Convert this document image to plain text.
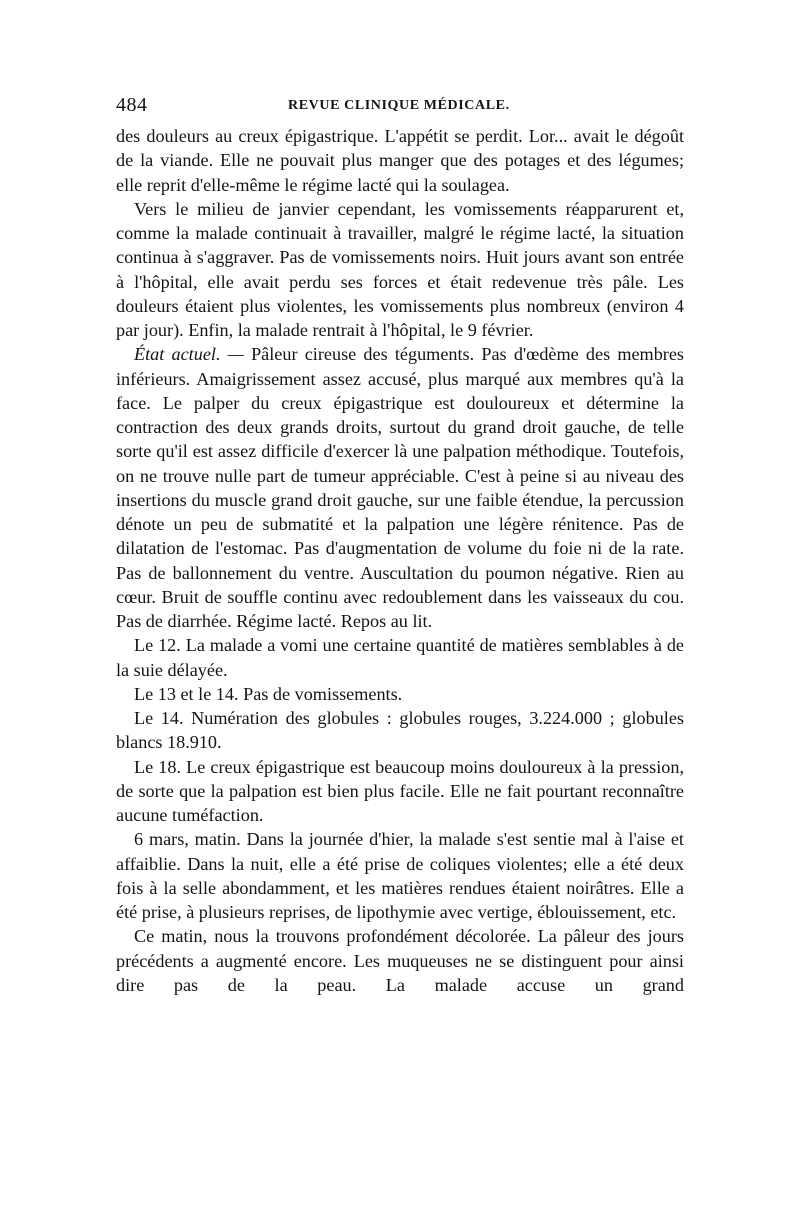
484	REVUE CLINIQUE MÉDICALE.

des douleurs au creux épigastrique. L'appétit se perdit. Lor... avait le dégoût de la viande. Elle ne pouvait plus manger que des potages et des légumes; elle reprit d'elle-même le régime lacté qui la soulagea.

Vers le milieu de janvier cependant, les vomissements réapparurent et, comme la malade continuait à travailler, malgré le régime lacté, la situation continua à s'aggraver. Pas de vomissements noirs. Huit jours avant son entrée à l'hôpital, elle avait perdu ses forces et était redevenue très pâle. Les douleurs étaient plus violentes, les vomissements plus nombreux (environ 4 par jour). Enfin, la malade rentrait à l'hôpital, le 9 février.

État actuel. — Pâleur cireuse des téguments. Pas d'œdème des membres inférieurs. Amaigrissement assez accusé, plus marqué aux membres qu'à la face. Le palper du creux épigastrique est douloureux et détermine la contraction des deux grands droits, surtout du grand droit gauche, de telle sorte qu'il est assez difficile d'exercer là une palpation méthodique. Toutefois, on ne trouve nulle part de tumeur appréciable. C'est à peine si au niveau des insertions du muscle grand droit gauche, sur une faible étendue, la percussion dénote un peu de submatité et la palpation une légère rénitence. Pas de dilatation de l'estomac. Pas d'augmentation de volume du foie ni de la rate. Pas de ballonnement du ventre. Auscultation du poumon négative. Rien au cœur. Bruit de souffle continu avec redoublement dans les vaisseaux du cou. Pas de diarrhée. Régime lacté. Repos au lit.

Le 12. La malade a vomi une certaine quantité de matières semblables à de la suie délayée.

Le 13 et le 14. Pas de vomissements.

Le 14. Numération des globules : globules rouges, 3.224.000 ; globules blancs 18.910.

Le 18. Le creux épigastrique est beaucoup moins douloureux à la pression, de sorte que la palpation est bien plus facile. Elle ne fait pourtant reconnaître aucune tuméfaction.

6 mars, matin. Dans la journée d'hier, la malade s'est sentie mal à l'aise et affaiblie. Dans la nuit, elle a été prise de coliques violentes; elle a été deux fois à la selle abondamment, et les matières rendues étaient noirâtres. Elle a été prise, à plusieurs reprises, de lipothymie avec vertige, éblouissement, etc.

Ce matin, nous la trouvons profondément décolorée. La pâleur des jours précédents a augmenté encore. Les muqueuses ne se distinguent pour ainsi dire pas de la peau. La malade accuse un grand
